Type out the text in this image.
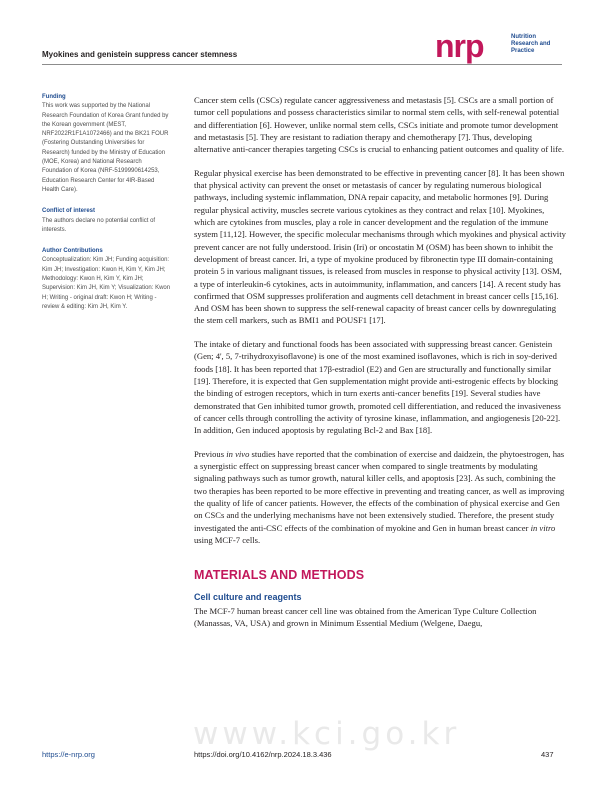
Myokines and genistein suppress cancer stemness	nrp	Nutrition
Research and
Practice

Funding

This work was supported by the National Research Foundation of Korea Grant funded by the Korean government (MEST, NRF2022R1F1A1072466) and the BK21 FOUR (Fostering Outstanding Universities for Research) funded by the Ministry of Education (MOE, Korea) and National Research Foundation of Korea (NRF-5199990614253, Education Research Center for 4IR-Based Health Care).

Conflict of interest

The authors declare no potential conflict of interests.

Author Contributions

Conceptualization: Kim JH; Funding acquisition: Kim JH; Investigation: Kwon H, Kim Y, Kim JH; Methodology: Kwon H, Kim Y, Kim JH; Supervision: Kim JH, Kim Y; Visualization: Kwon H; Writing - original draft: Kwon H; Writing - review & editing: Kim JH, Kim Y.

Cancer stem cells (CSCs) regulate cancer aggressiveness and metastasis [5]. CSCs are a small portion of tumor cell populations and possess characteristics similar to normal stem cells, with self-renewal potential and differentiation [6]. However, unlike normal stem cells, CSCs initiate and promote tumor development and metastasis [5]. They are resistant to radiation therapy and chemotherapy [7]. Thus, developing alternative anti-cancer therapies targeting CSCs is crucial to enhancing patient outcomes and quality of life.

Regular physical exercise has been demonstrated to be effective in preventing cancer [8]. It has been shown that physical activity can prevent the onset or metastasis of cancer by regulating numerous biological pathways, including systemic inflammation, DNA repair capacity, and metabolic hormones [9]. During regular physical activity, muscles secrete various cytokines as they contract and relax [10]. Myokines, which are cytokines from muscles, play a role in cancer development and the regulation of the immune system [11,12]. However, the specific molecular mechanisms through which myokines and physical activity prevent cancer are not fully understood. Irisin (Iri) or oncostatin M (OSM) has been shown to inhibit the development of breast cancer. Iri, a type of myokine produced by fibronectin type III domain-containing protein 5 in various malignant tissues, is released from muscles in response to physical activity [13]. OSM, a type of interleukin-6 cytokines, acts in autoimmunity, inflammation, and cancers [14]. A recent study has confirmed that OSM suppresses proliferation and augments cell detachment in breast cancer cells [15,16]. And OSM has been shown to suppress the self-renewal capacity of breast cancer cells by downregulating the stem cell markers, such as BMI1 and POUSF1 [17].

The intake of dietary and functional foods has been associated with suppressing breast cancer. Genistein (Gen; 4', 5, 7-trihydroxyisoflavone) is one of the most examined isoflavones, which is rich in soy-derived foods [18]. It has been reported that 17β-estradiol (E2) and Gen are structurally and functionally similar [19]. Therefore, it is expected that Gen supplementation might provide anti-estrogenic effects by blocking the binding of estrogen receptors, which in turn exerts anti-cancer benefits [19]. Several studies have demonstrated that Gen inhibited tumor growth, promoted cell differentiation, and reduced the invasiveness of cancer cells through controlling the activity of tyrosine kinase, inflammation, and angiogenesis [20-22]. In addition, Gen induced apoptosis by regulating Bcl-2 and Bax [18].

Previous in vivo studies have reported that the combination of exercise and daidzein, the phytoestrogen, has a synergistic effect on suppressing breast cancer when compared to single treatments by modulating signaling pathways such as tumor growth, natural killer cells, and apoptosis [23]. As such, combining the two therapies has been reported to be more effective in preventing and treating cancer, as well as improving the quality of life of cancer patients. However, the effects of the combination of physical exercise and Gen on CSCs and the underlying mechanisms have not been extensively studied. Therefore, the present study investigated the anti-CSC effects of the combination of myokine and Gen in human breast cancer in vitro using MCF-7 cells.

MATERIALS AND METHODS
Cell culture and reagents

The MCF-7 human breast cancer cell line was obtained from the American Type Culture Collection (Manassas, VA, USA) and grown in Minimum Essential Medium (Welgene, Daegu,

www.kci.go.kr
https://e-nrp.org	https://doi.org/10.4162/nrp.2024.18.3.436	437
